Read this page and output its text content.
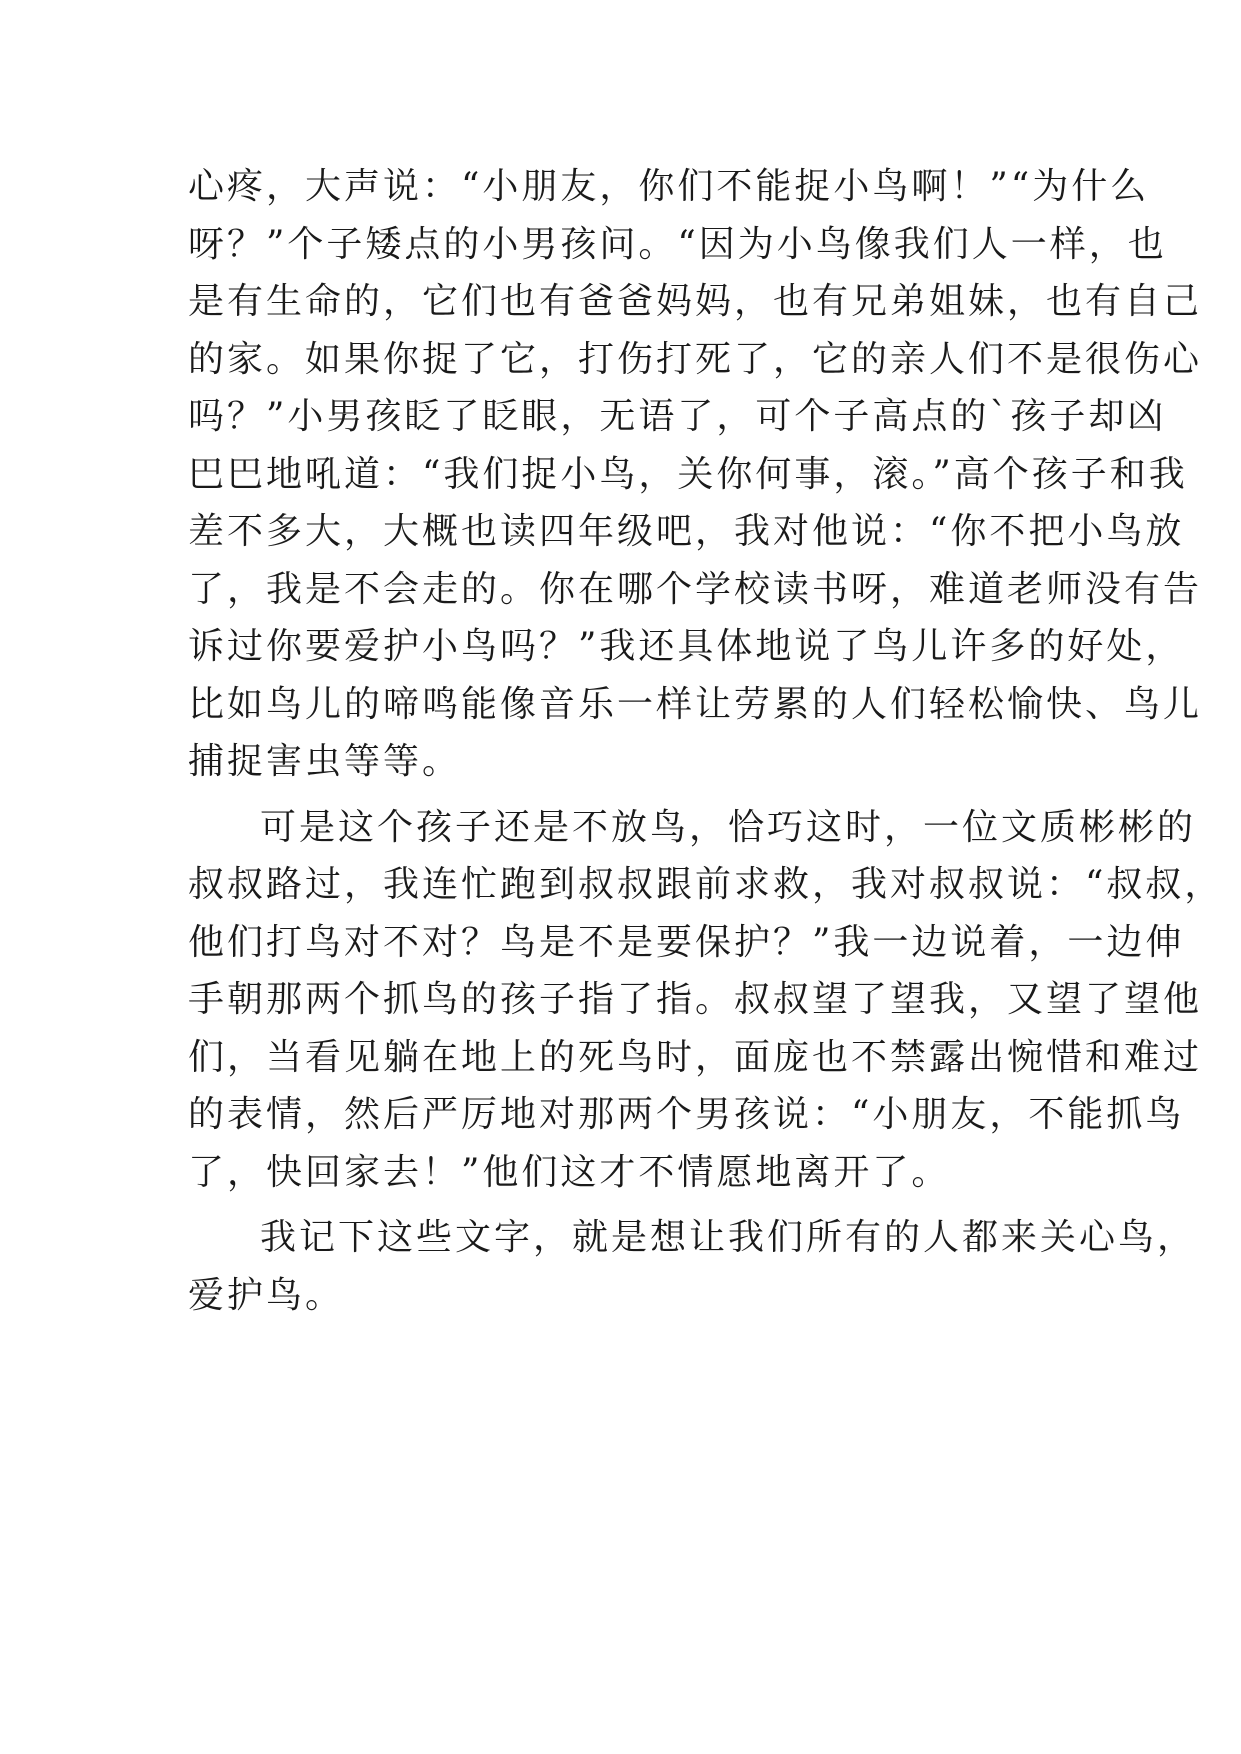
心疼，大声说：“小朋友，你们不能捉小鸟啊！”“为什么
呀？”个子矮点的小男孩问。“因为小鸟像我们人一样，也
是有生命的，它们也有爸爸妈妈，也有兄弟姐妹，也有自己
的家。如果你捉了它，打伤打死了，它的亲人们不是很伤心
吗？”小男孩眨了眨眼，无语了，可个子高点的`孩子却凶
巴巴地吼道：“我们捉小鸟，关你何事，滚。”高个孩子和我
差不多大，大概也读四年级吧，我对他说：“你不把小鸟放
了，我是不会走的。你在哪个学校读书呀，难道老师没有告
诉过你要爱护小鸟吗？”我还具体地说了鸟儿许多的好处，
比如鸟儿的啼鸣能像音乐一样让劳累的人们轻松愉快、鸟儿
捕捉害虫等等。
可是这个孩子还是不放鸟，恰巧这时，一位文质彬彬的
叔叔路过，我连忙跑到叔叔跟前求救，我对叔叔说：“叔叔，
他们打鸟对不对？鸟是不是要保护？”我一边说着，一边伸
手朝那两个抓鸟的孩子指了指。叔叔望了望我，又望了望他
们，当看见躺在地上的死鸟时，面庞也不禁露出惋惜和难过
的表情，然后严厉地对那两个男孩说：“小朋友，不能抓鸟
了，快回家去！”他们这才不情愿地离开了。
我记下这些文字，就是想让我们所有的人都来关心鸟，
爱护鸟。
